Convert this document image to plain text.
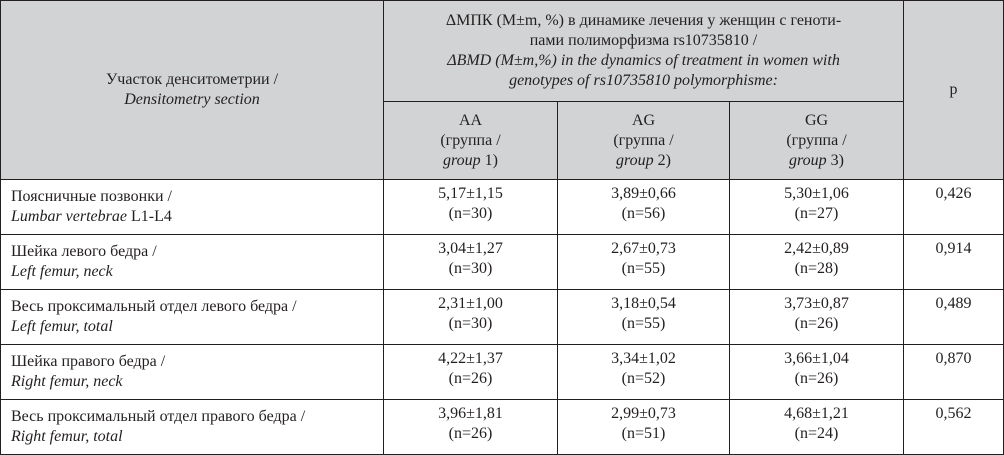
Участок денситометрии /
Densitometry section	ΔМПК (M±m, %) в динамике лечения у женщин с геноти-
пами полиморфизма rs10735810 /
ΔBMD (M±m,%) in the dynamics of treatment in women with
genotypes of rs10735810 polymorphisme:			p

	AA
(группа /
group 1)	AG
(группа /
group 2)	GG
(группа /
group 3)	

Поясничные позвонки /
Lumbar vertebrae L1-L4	5,17±1,15
(n=30)	3,89±0,66
(n=56)	5,30±1,06
(n=27)	0,426

Шейка левого бедра /
Left femur, neck	3,04±1,27
(n=30)	2,67±0,73
(n=55)	2,42±0,89
(n=28)	0,914

Весь проксимальный отдел левого бедра /
Left femur, total	2,31±1,00
(n=30)	3,18±0,54
(n=55)	3,73±0,87
(n=26)	0,489

Шейка правого бедра /
Right femur, neck	4,22±1,37
(n=26)	3,34±1,02
(n=52)	3,66±1,04
(n=26)	0,870

Весь проксимальный отдел правого бедра /
Right femur, total	3,96±1,81
(n=26)	2,99±0,73
(n=51)	4,68±1,21
(n=24)	0,562
